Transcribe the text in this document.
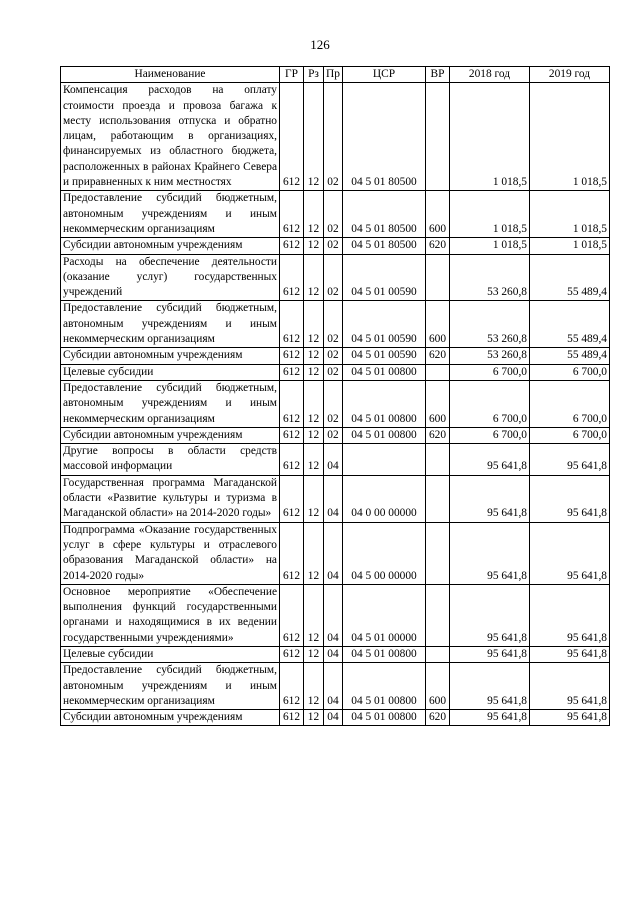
126
Наименование	ГР	Рз	Пр	ЦСР	ВР	2018 год	2019 год
Компенсация расходов на оплату стоимости проезда и провоза багажа к месту использования отпуска и обратно лицам, работающим в организациях, финансируемых из областного бюджета, расположенных в районах Крайнего Севера и приравненных к ним местностях	612	12	02	04 5 01 80500		1 018,5	1 018,5
Предоставление субсидий бюджетным, автономным учреждениям и иным некоммерческим организациям	612	12	02	04 5 01 80500	600	1 018,5	1 018,5
Субсидии автономным учреждениям	612	12	02	04 5 01 80500	620	1 018,5	1 018,5
Расходы на обеспечение деятельности (оказание услуг) государственных учреждений	612	12	02	04 5 01 00590		53 260,8	55 489,4
Предоставление субсидий бюджетным, автономным учреждениям и иным некоммерческим организациям	612	12	02	04 5 01 00590	600	53 260,8	55 489,4
Субсидии автономным учреждениям	612	12	02	04 5 01 00590	620	53 260,8	55 489,4
Целевые субсидии	612	12	02	04 5 01 00800		6 700,0	6 700,0
Предоставление субсидий бюджетным, автономным учреждениям и иным некоммерческим организациям	612	12	02	04 5 01 00800	600	6 700,0	6 700,0
Субсидии автономным учреждениям	612	12	02	04 5 01 00800	620	6 700,0	6 700,0
Другие вопросы в области средств массовой информации	612	12	04			95 641,8	95 641,8
Государственная программа Магаданской области «Развитие культуры и туризма в Магаданской области» на 2014-2020 годы»	612	12	04	04 0 00 00000		95 641,8	95 641,8
Подпрограмма «Оказание государственных услуг в сфере культуры и отраслевого образования Магаданской области» на 2014-2020 годы»	612	12	04	04 5 00 00000		95 641,8	95 641,8
Основное мероприятие «Обеспечение выполнения функций государственными органами и находящимися в их ведении государственными учреждениями»	612	12	04	04 5 01 00000		95 641,8	95 641,8
Целевые субсидии	612	12	04	04 5 01 00800		95 641,8	95 641,8
Предоставление субсидий бюджетным, автономным учреждениям и иным некоммерческим организациям	612	12	04	04 5 01 00800	600	95 641,8	95 641,8
Субсидии автономным учреждениям	612	12	04	04 5 01 00800	620	95 641,8	95 641,8
